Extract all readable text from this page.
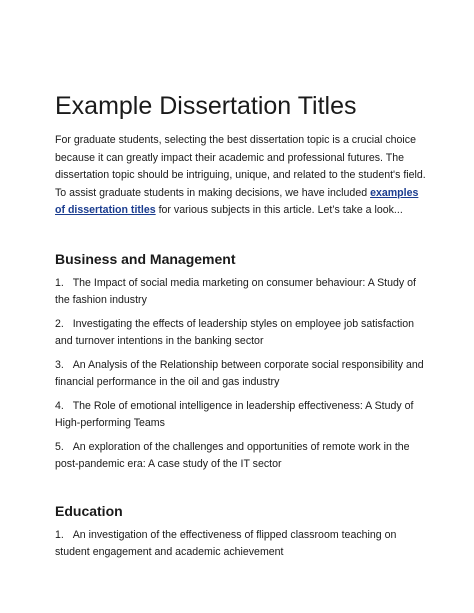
Example Dissertation Titles

For graduate students, selecting the best dissertation topic is a crucial choice because it can greatly impact their academic and professional futures. The dissertation topic should be intriguing, unique, and related to the student's field. To assist graduate students in making decisions, we have included examples of dissertation titles for various subjects in this article. Let’s take a look...

Business and Management
1. The Impact of social media marketing on consumer behaviour: A Study of the fashion industry
2. Investigating the effects of leadership styles on employee job satisfaction and turnover intentions in the banking sector
3. An Analysis of the Relationship between corporate social responsibility and financial performance in the oil and gas industry
4. The Role of emotional intelligence in leadership effectiveness: A Study of High-performing Teams
5. An exploration of the challenges and opportunities of remote work in the post-pandemic era: A case study of the IT sector
Education
1. An investigation of the effectiveness of flipped classroom teaching on student engagement and academic achievement
